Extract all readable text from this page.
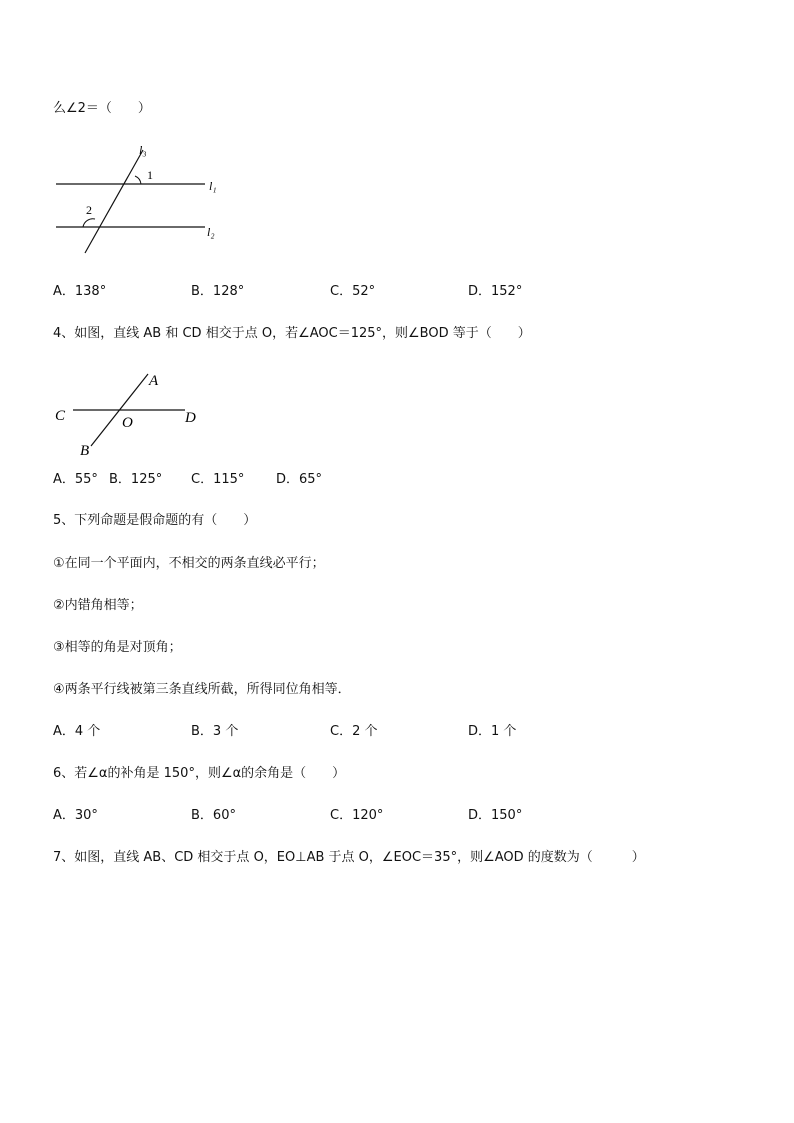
么∠2＝（　　）
l₃
1
l₁
2
l₂
A．138°	B．128°	C．52°	D．152°
4、如图，直线 AB 和 CD 相交于点 O，若∠AOC＝125°，则∠BOD 等于（　　）
A
C	O	D
B
A．55° B．125° C．115° D．65°
5、下列命题是假命题的有（　　）
①在同一个平面内，不相交的两条直线必平行；
②内错角相等；
③相等的角是对顶角；
④两条平行线被第三条直线所截，所得同位角相等．
A．4 个	B．3 个	C．2 个	D．1 个
6、若∠α的补角是 150°，则∠α的余角是（　　）
A．30°	B．60°	C．120°	D．150°
7、如图，直线 AB、CD 相交于点 O，EO⊥AB 于点 O，∠EOC＝35°，则∠AOD 的度数为（　　　）
